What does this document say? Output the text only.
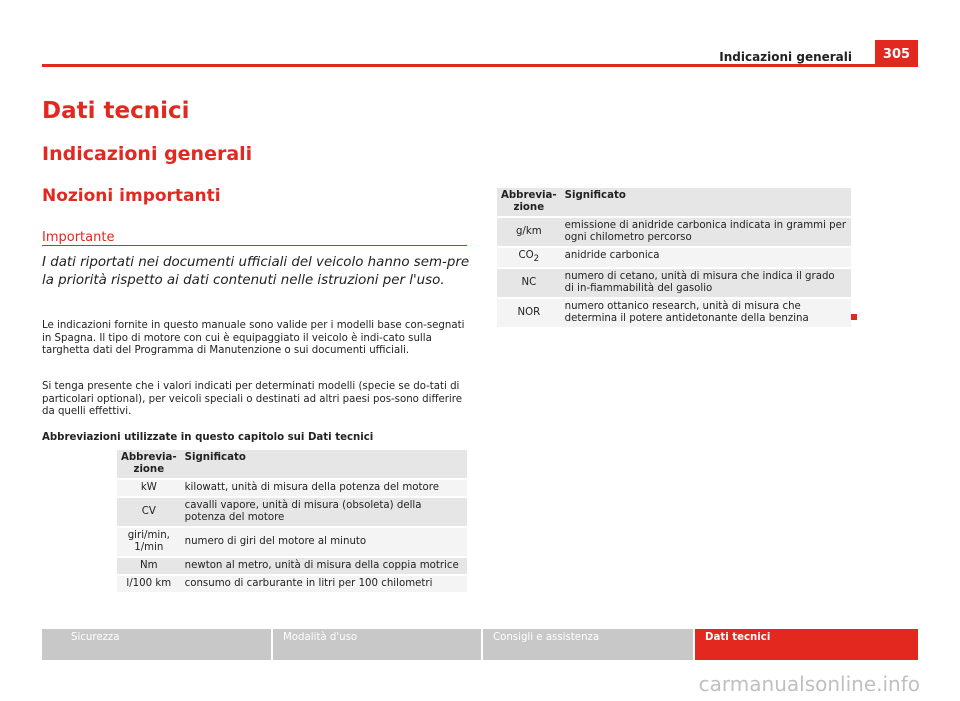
Indicazioni generali	305
Dati tecnici
Indicazioni generali
Nozioni importanti
Importante
I dati riportati nei documenti ufficiali del veicolo hanno sem-pre la priorità rispetto ai dati contenuti nelle istruzioni per l'uso.
Le indicazioni fornite in questo manuale sono valide per i modelli base con-segnati in Spagna. Il tipo di motore con cui è equipaggiato il veicolo è indi-cato sulla targhetta dati del Programma di Manutenzione o sui documenti ufficiali.
Si tenga presente che i valori indicati per determinati modelli (specie se do-tati di particolari optional), per veicoli speciali o destinati ad altri paesi pos-sono differire da quelli effettivi.
Abbreviazioni utilizzate in questo capitolo sui Dati tecnici
Abbrevia-zione	Significato
kW	kilowatt, unità di misura della potenza del motore
CV	cavalli vapore, unità di misura (obsoleta) della potenza del motore
giri/min, 1/min	numero di giri del motore al minuto
Nm	newton al metro, unità di misura della coppia motrice
l/100 km	consumo di carburante in litri per 100 chilometri
Abbrevia-zione	Significato
g/km	emissione di anidride carbonica indicata in grammi per ogni chilometro percorso
$CO_2$	anidride carbonica
NC	numero di cetano, unità di misura che indica il grado di in-fiammabilità del gasolio
NOR	numero ottanico research, unità di misura che determina il potere antidetonante della benzina
Sicurezza	Modalità d'uso	Consigli e assistenza	Dati tecnici
carmanualsonline.info
